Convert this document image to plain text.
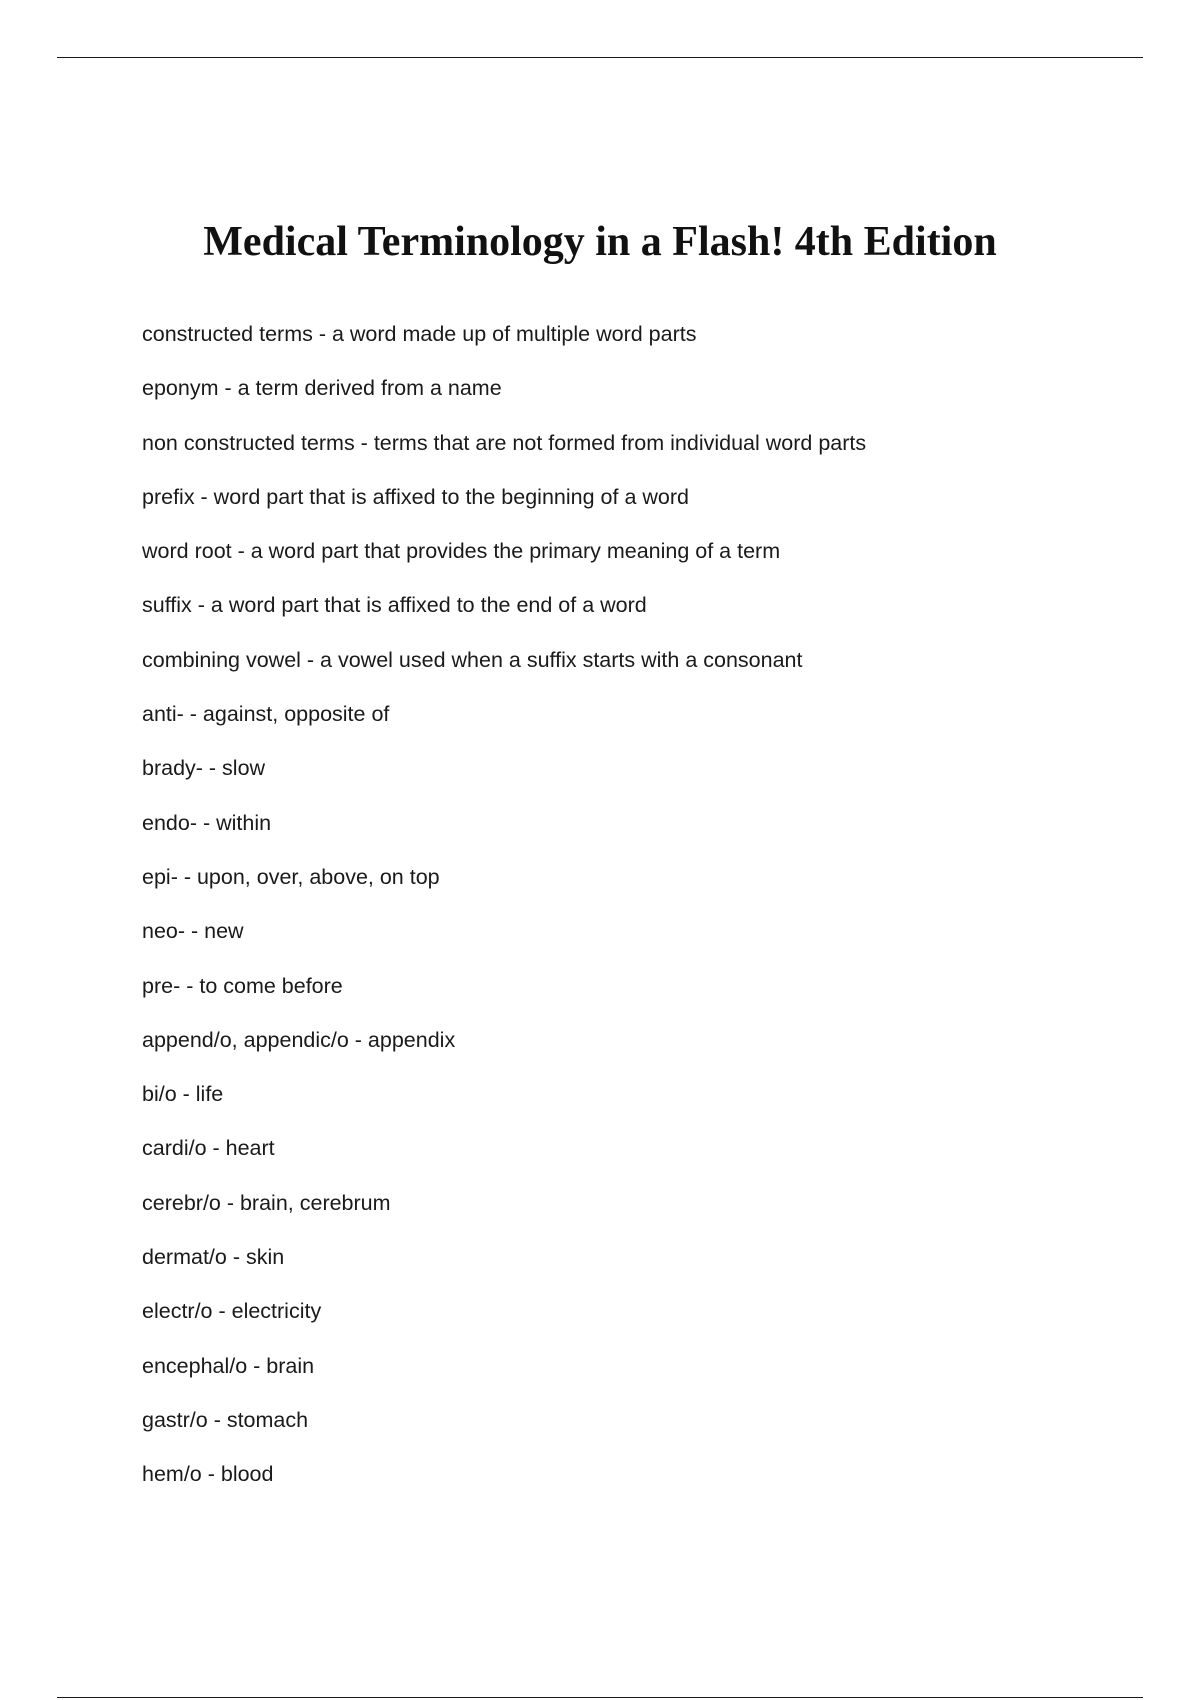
Medical Terminology in a Flash! 4th Edition
constructed terms - a word made up of multiple word parts
eponym - a term derived from a name
non constructed terms - terms that are not formed from individual word parts
prefix - word part that is affixed to the beginning of a word
word root - a word part that provides the primary meaning of a term
suffix - a word part that is affixed to the end of a word
combining vowel - a vowel used when a suffix starts with a consonant
anti- - against, opposite of
brady- - slow
endo- - within
epi- - upon, over, above, on top
neo- - new
pre- - to come before
append/o, appendic/o - appendix
bi/o - life
cardi/o - heart
cerebr/o - brain, cerebrum
dermat/o - skin
electr/o - electricity
encephal/o - brain
gastr/o - stomach
hem/o - blood
